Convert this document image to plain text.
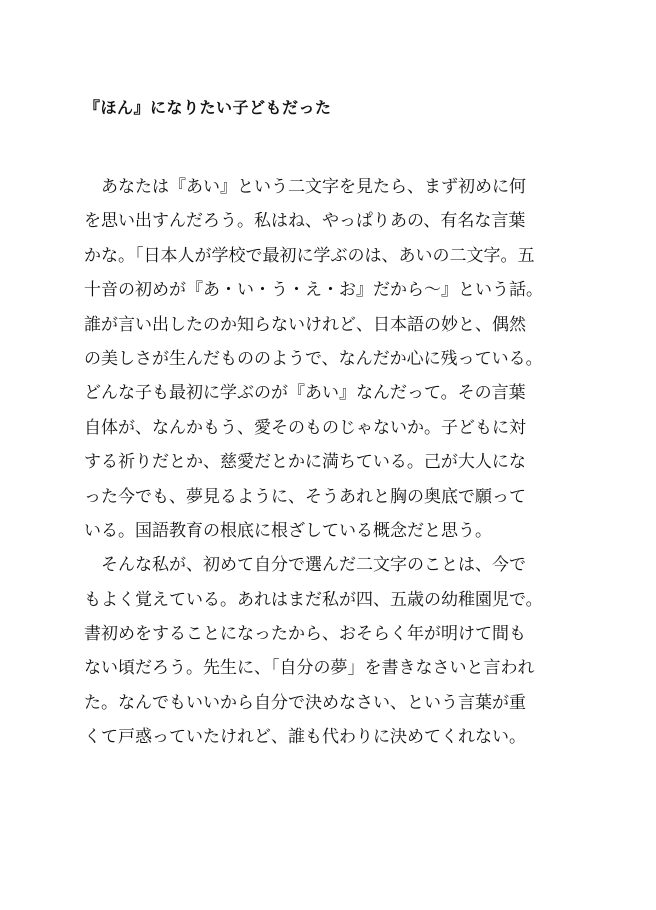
『ほん』になりたい子どもだった
　あなたは『あい』という二文字を見たら、まず初めに何
を思い出すんだろう。私はね、やっぱりあの、有名な言葉
かな。「日本人が学校で最初に学ぶのは、あいの二文字。五
十音の初めが『あ・い・う・え・お』だから〜』という話。
誰が言い出したのか知らないけれど、日本語の妙と、偶然
の美しさが生んだもののようで、なんだか心に残っている。
どんな子も最初に学ぶのが『あい』なんだって。その言葉
自体が、なんかもう、愛そのものじゃないか。子どもに対
する祈りだとか、慈愛だとかに満ちている。己が大人にな
った今でも、夢見るように、そうあれと胸の奥底で願って
いる。国語教育の根底に根ざしている概念だと思う。
　そんな私が、初めて自分で選んだ二文字のことは、今で
もよく覚えている。あれはまだ私が四、五歳の幼稚園児で。
書初めをすることになったから、おそらく年が明けて間も
ない頃だろう。先生に、「自分の夢」を書きなさいと言われ
た。なんでもいいから自分で決めなさい、という言葉が重
くて戸惑っていたけれど、誰も代わりに決めてくれない。
